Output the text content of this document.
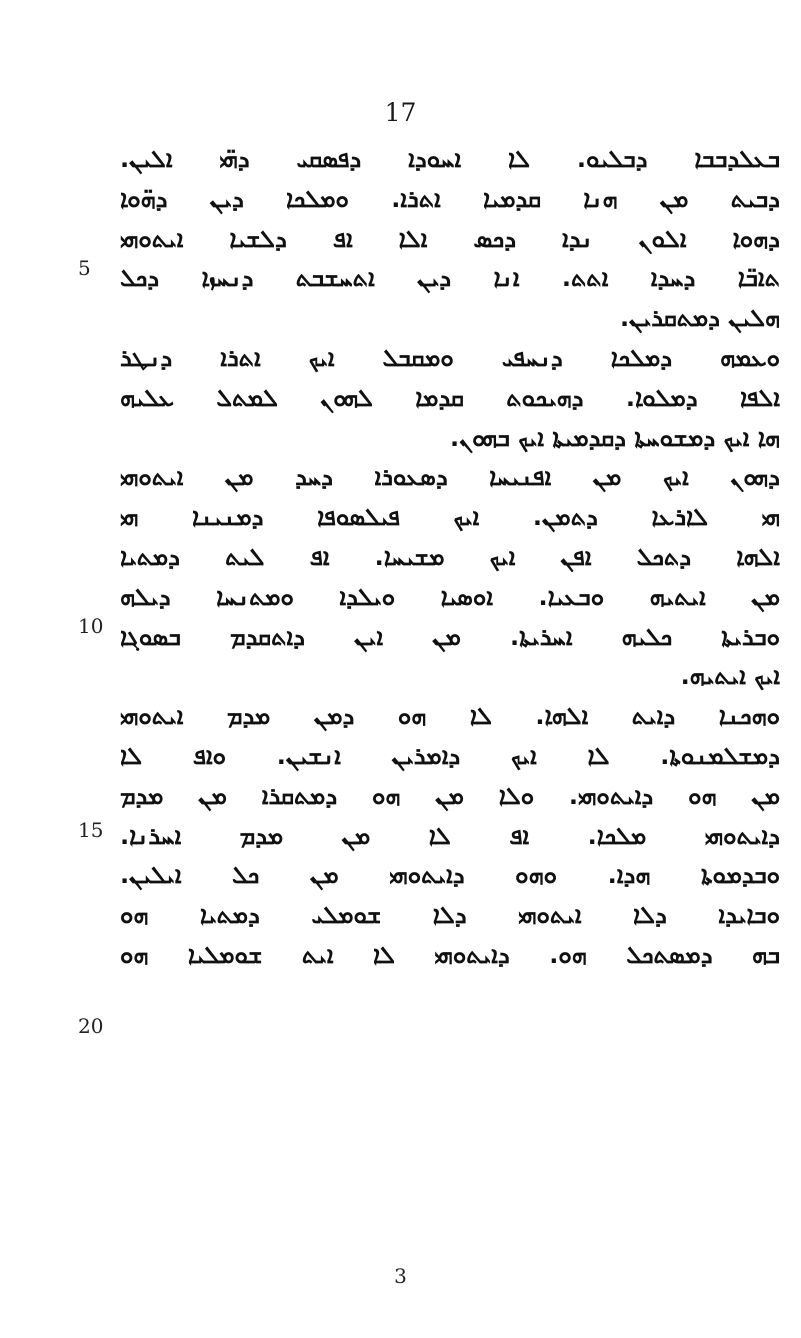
17
5
10
15
20
ܒܥܠܕܒܒܐ ܕܒܠܝܘ. ܠܐ ܐܚܘܕܐ ܕܦܣܩܝ ܕܗ̈ܝ ܐܠܝܢ.
ܕܒܝܬ ܡܢ ܗܢܐ ܩܕܡܝܐ ܐܬܪܐ. ܘܡܠܟܐ ܕܝܢ ܕܗ̈ܘܐ
ܕܗܘܐ ܐܠܘܢ ܢܕܐ ܕܟܣ ܐܠܐ ܐܦ ܕܠܫܝܐ ܐܝܬܘܗܝ
ܬܐܒ̈ܐ ܕܚܕܐ ܐܬܬ. ܐܢܐ ܕܝܢ ܐܬܚܫܒܬ ܕܢܚܙܐ ܕܟܠ
ܗܠܝܢ ܕܡܬܩܪܝܢ.
ܘܥܡܗ ܕܡܠܟܐ ܕܢܚܦܝ ܘܡܩܒܠ ܐܝܟ ܐܬܪܐ ܕܢܛܪ
ܐܠܦܐ ܕܡܠܘܐ. ܕܗܝܟܘܬ ܩܕܡܐ ܠܗܘܢ ܠܡܬܠ ܥܠܝܗ
ܗܐ ܐܝܟ ܕܡܫܘܚܬܐ ܕܩܕܡܝܬܐ ܐܝܟ ܒܗܘܢ.
ܕܗܘܢ ܐܝܟ ܡܢ ܐܦܢܝܚܐ ܕܣܥܘܪܐ ܕܚܕ ܡܢ ܐܝܬܘܗܝ
ܗܝ ܠܐܪܥܐ ܕܬܡܢ. ܐܝܟ ܦܝܠܣܘܦܐ ܕܡܢܝܢܐ ܗܝ
ܐܠܗܐ ܕܬܟܠ ܐܦܢ ܐܝܟ ܡܫܝܚܐ. ܐܦ ܠܝܬ ܕܡܬܝܐ
ܡܢ ܐܝܬܝܗ ܘܒܥܝܐ. ܐܘܣܝܐ ܘܝܠܕܐ ܘܡܬܢܚܐ ܕܝܠܗ
ܘܒܪܝܬܐ ܟܠܝܗ ܐܚܪܝܬܐ. ܡܢ ܐܝܢ ܕܐܬܩܕܡ ܒܣܘܓܐ
ܐܝܟ ܐܝܬܝܗ.
ܘܗܟܢܐ ܕܐܝܬ ܐܠܗܐ. ܠܐ ܗܘ ܕܡܢ ܡܕܡ ܐܝܬܘܗܝ
ܕܡܫܠܡܢܘܬܐ. ܠܐ ܐܝܟ ܕܐܡܪܝܢ ܐܢܫܝܢ. ܘܐܦ ܠܐ
ܡܢ ܗܘ ܕܐܝܬܘܗܝ. ܘܠܐ ܡܢ ܗܘ ܕܡܬܩܪܐ ܡܢ ܡܕܡ
ܕܐܝܬܘܗܝ ܡܠܟܐ. ܐܦ ܠܐ ܡܢ ܡܕܡ ܐܚܪܢܐ.
ܘܒܕܡܘܬܐ ܗܕܐ. ܘܗܘ ܕܐܝܬܘܗܝ ܡܢ ܟܠ ܐܝܠܝܢ.
ܘܒܐܝܕܐ ܕܠܐ ܐܝܬܘܗܝ ܕܠܐ ܫܘܡܠܝ ܕܡܬܝܐ ܗܘ
ܒܗ ܕܡܣܬܟܠ ܗܘ. ܕܐܝܬܘܗܝ ܠܐ ܐܝܬ ܫܘܡܠܝܐ ܗܘ
3
